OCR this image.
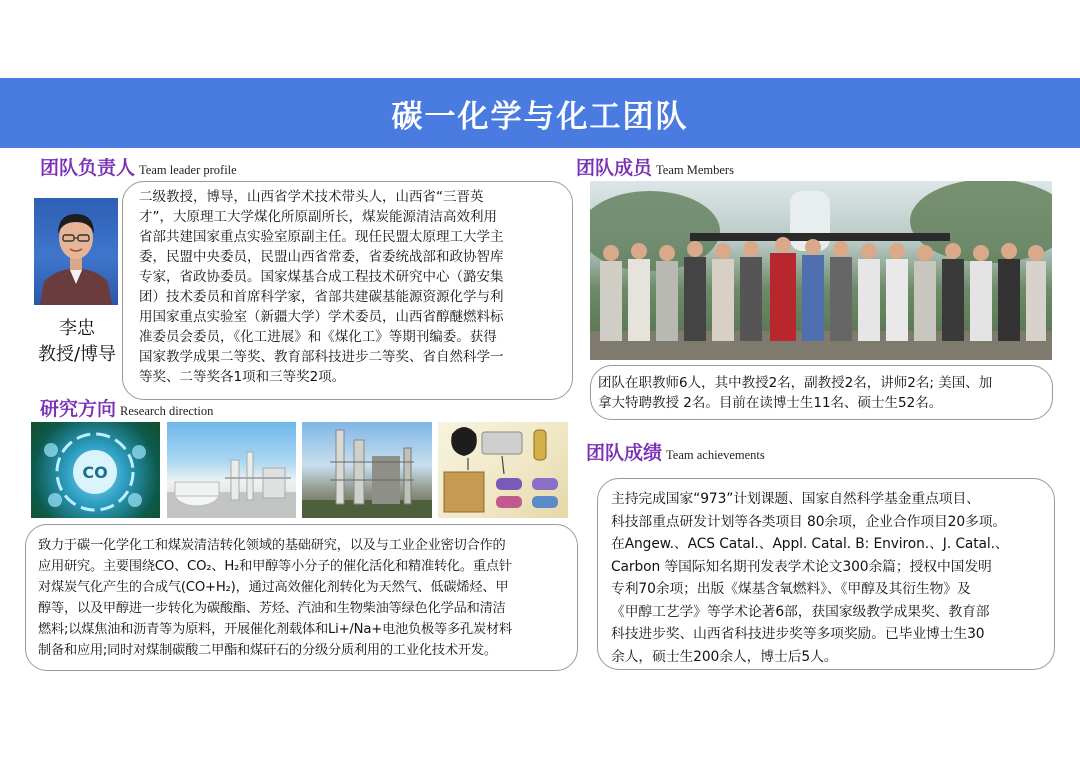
碳一化学与化工团队
团队负责人 Team leader profile
李忠
教授/博导

二级教授，博导，山西省学术技术带头人，山西省“三晋英

才”，大原理工大学煤化所原副所长，煤炭能源清洁高效利用

省部共建国家重点实验室原副主任。现任民盟太原理工大学主

委，民盟中央委员，民盟山西省常委，省委统战部和政协智库

专家，省政协委员。国家煤基合成工程技术研究中心（潞安集

团）技术委员和首席科学家，省部共建碳基能源资源化学与利

用国家重点实验室（新疆大学）学术委员，山西省醇醚燃料标

准委员会委员，《化工进展》和《煤化工》等期刊编委。获得

国家教学成果二等奖、教育部科技进步二等奖、省自然科学一

等奖、二等奖各1项和三等奖2项。

研究方向 Research direction
CO

致力于碳一化学化工和煤炭清洁转化领域的基础研究，以及与工业企业密切合作的

应用研究。主要围绕CO、CO₂、H₂和甲醇等小分子的催化活化和精准转化。重点针

对煤炭气化产生的合成气(CO+H₂)，通过高效催化剂转化为天然气、低碳烯烃、甲

醇等，以及甲醇进一步转化为碳酸酯、芳烃、汽油和生物柴油等绿色化学品和清洁

燃料;以煤焦油和沥青等为原料，开展催化剂载体和Li+/Na+电池负极等多孔炭材料

制备和应用;同时对煤制碳酸二甲酯和煤矸石的分级分质利用的工业化技术开发。

团队成员 Team Members

团队在职教师6人，其中教授2名，副教授2名，讲师2名; 美国、加

拿大特聘教授 2名。目前在读博士生11名、硕士生52名。

团队成绩 Team achievements

主持完成国家“973”计划课题、国家自然科学基金重点项目、

科技部重点研发计划等各类项目 80余项，企业合作项目20多项。

在Angew.、ACS Catal.、Appl. Catal. B: Environ.、J. Catal.、

Carbon 等国际知名期刊发表学术论文300余篇；授权中国发明

专利70余项；出版《煤基含氧燃料》、《甲醇及其衍生物》及

《甲醇工艺学》等学术论著6部，获国家级教学成果奖、教育部

科技进步奖、山西省科技进步奖等多项奖励。已毕业博士生30

余人，硕士生200余人，博士后5人。
